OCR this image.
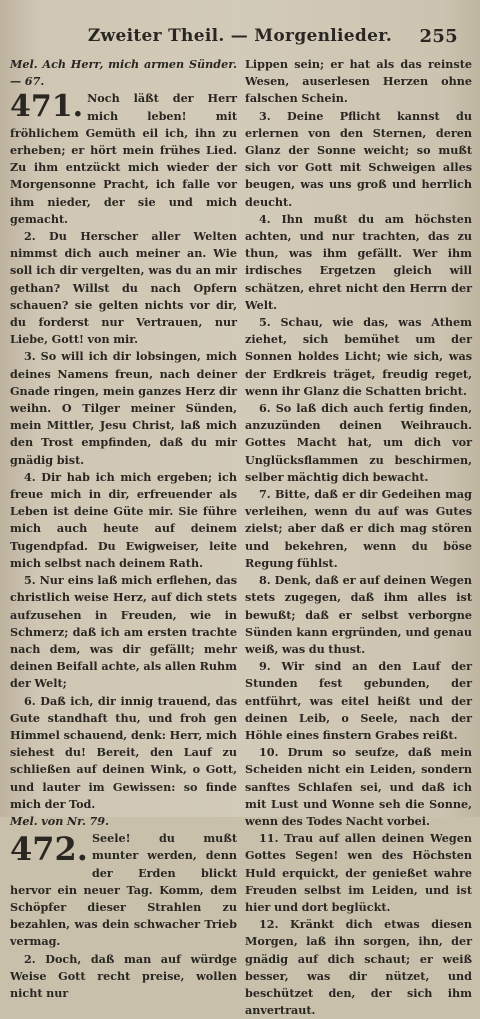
Zweiter Theil. — Morgenlieder. 255

Mel. Ach Herr, mich armen Sünder. — 67.

471. Noch läßt der Herr mich leben! mit fröhlichem Gemüth eil ich, ihn zu erheben; er hört mein frühes Lied. Zu ihm entzückt mich wieder der Morgensonne Pracht, ich falle vor ihm nieder, der sie und mich gemacht.

2. Du Herscher aller Welten nimmst dich auch meiner an. Wie soll ich dir vergelten, was du an mir gethan? Willst du nach Opfern schauen? sie gelten nichts vor dir, du forderst nur Vertrauen, nur Liebe, Gott! von mir.

3. So will ich dir lobsingen, mich deines Namens freun, nach deiner Gnade ringen, mein ganzes Herz dir weihn. O Tilger meiner Sünden, mein Mittler, Jesu Christ, laß mich den Trost empfinden, daß du mir gnädig bist.

4. Dir hab ich mich ergeben; ich freue mich in dir, erfreuender als Leben ist deine Güte mir. Sie führe mich auch heute auf deinem Tugendpfad. Du Ewigweiser, leite mich selbst nach deinem Rath.

5. Nur eins laß mich erflehen, das christlich weise Herz, auf dich stets aufzusehen in Freuden, wie in Schmerz; daß ich am ersten trachte nach dem, was dir gefällt; mehr deinen Beifall achte, als allen Ruhm der Welt;

6. Daß ich, dir innig trauend, das Gute standhaft thu, und froh gen Himmel schauend, denk: Herr, mich siehest du! Bereit, den Lauf zu schließen auf deinen Wink, o Gott, und lauter im Gewissen: so finde mich der Tod.

Mel. von Nr. 79.

472. Seele! du mußt munter werden, denn der Erden blickt hervor ein neuer Tag. Komm, dem Schöpfer dieser Strahlen zu bezahlen, was dein schwacher Trieb vermag.

2. Doch, daß man auf würdge Weise Gott recht preise, wollen nicht nur

Lippen sein; er hat als das reinste Wesen, auserlesen Herzen ohne falschen Schein.

3. Deine Pflicht kannst du erlernen von den Sternen, deren Glanz der Sonne weicht; so mußt sich vor Gott mit Schweigen alles beugen, was uns groß und herrlich deucht.

4. Ihn mußt du am höchsten achten, und nur trachten, das zu thun, was ihm gefällt. Wer ihm irdisches Ergetzen gleich will schätzen, ehret nicht den Herrn der Welt.

5. Schau, wie das, was Athem ziehet, sich bemühet um der Sonnen holdes Licht; wie sich, was der Erdkreis träget, freudig reget, wenn ihr Glanz die Schatten bricht.

6. So laß dich auch fertig finden, anzuzünden deinen Weihrauch. Gottes Macht hat, um dich vor Unglücksflammen zu beschirmen, selber mächtig dich bewacht.

7. Bitte, daß er dir Gedeihen mag verleihen, wenn du auf was Gutes zielst; aber daß er dich mag stören und bekehren, wenn du böse Regung fühlst.

8. Denk, daß er auf deinen Wegen stets zugegen, daß ihm alles ist bewußt; daß er selbst verborgne Sünden kann ergründen, und genau weiß, was du thust.

9. Wir sind an den Lauf der Stunden fest gebunden, der entführt, was eitel heißt und der deinen Leib, o Seele, nach der Höhle eines finstern Grabes reißt.

10. Drum so seufze, daß mein Scheiden nicht ein Leiden, sondern sanftes Schlafen sei, und daß ich mit Lust und Wonne seh die Sonne, wenn des Todes Nacht vorbei.

11. Trau auf allen deinen Wegen Gottes Segen! wen des Höchsten Huld erquickt, der genießet wahre Freuden selbst im Leiden, und ist hier und dort beglückt.

12. Kränkt dich etwas diesen Morgen, laß ihn sorgen, ihn, der gnädig auf dich schaut; er weiß besser, was dir nützet, und beschützet den, der sich ihm anvertraut.
